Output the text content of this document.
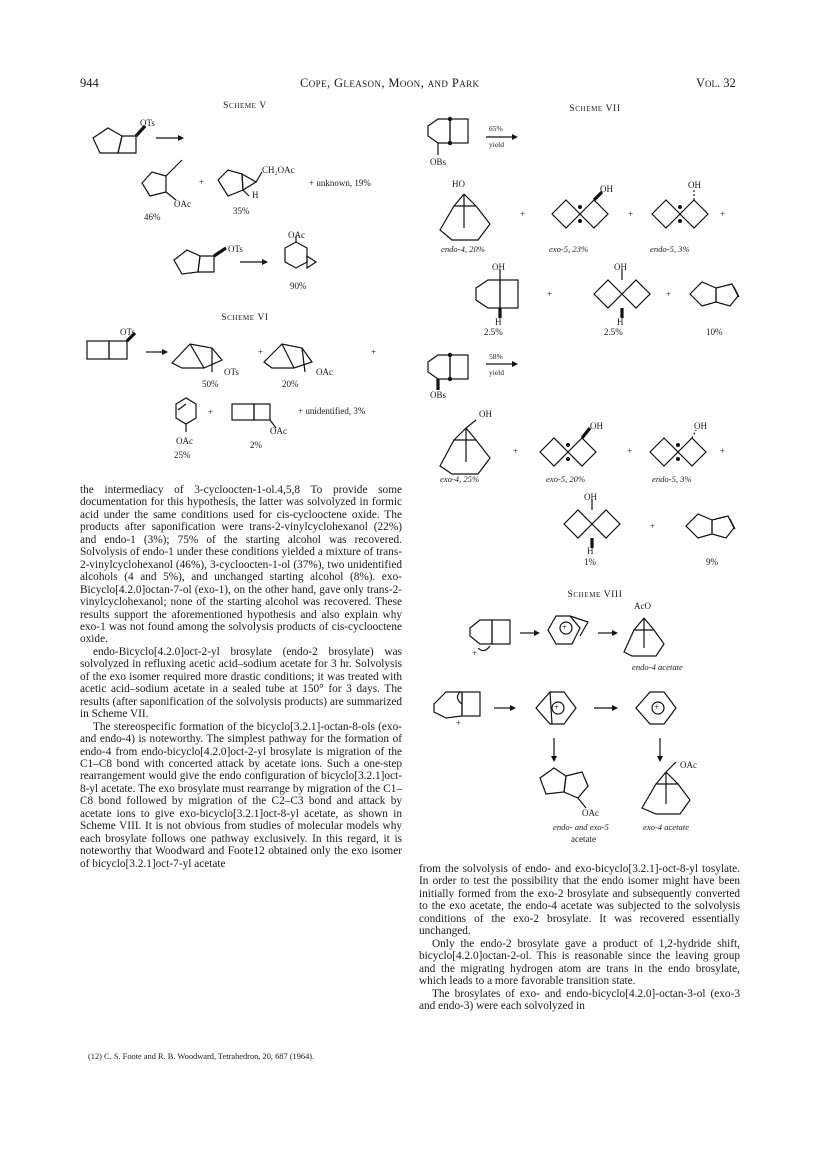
944	Cope, Gleason, Moon, and Park	Vol. 32
Scheme V
OTs
+
OAc
CH₂OAc
H
+ unknown, 19%
46%
35%
OTs
OAc
90%
Scheme VI
OTs
+	+
OTs	OAc
50%	20%
+	+ unidentified, 3%
OAc
OAc	2%
25%
Scheme VII
65%
yield
OBs
HO	OH	OH
+	+	+
endo-4, 20%	exo-5, 23%	endo-5, 3%
OH	OH
+	+
H	H
2.5%	2.5%	10%
58%
yield
OBs
OH
OH	OH
+	+	+
exo-4, 25%	exo-5, 20%	endo-5, 3%
OH
+
H
1%	9%
Scheme VIII
AcO
+
+
endo-4 acetate
+
+	+
OAc
OAc
endo- and exo-5
acetate
exo-4 acetate

the intermediacy of 3-cycloocten-1-ol.4,5,8 To provide some documentation for this hypothesis, the latter was solvolyzed in formic acid under the same conditions used for cis-cyclooctene oxide. The products after saponification were trans-2-vinylcyclohexanol (22%) and endo-1 (3%); 75% of the starting alcohol was recovered. Solvolysis of endo-1 under these conditions yielded a mixture of trans-2-vinylcyclohexanol (46%), 3-cycloocten-1-ol (37%), two unidentified alcohols (4 and 5%), and unchanged starting alcohol (8%). exo-Bicyclo[4.2.0]octan-7-ol (exo-1), on the other hand, gave only trans-2-vinylcyclohexanol; none of the starting alcohol was recovered. These results support the aforementioned hypothesis and also explain why exo-1 was not found among the solvolysis products of cis-cyclooctene oxide.

endo-Bicyclo[4.2.0]oct-2-yl brosylate (endo-2 brosylate) was solvolyzed in refluxing acetic acid–sodium acetate for 3 hr. Solvolysis of the exo isomer required more drastic conditions; it was treated with acetic acid–sodium acetate in a sealed tube at 150° for 3 days. The results (after saponification of the solvolysis products) are summarized in Scheme VII.

The stereospecific formation of the bicyclo[3.2.1]-octan-8-ols (exo- and endo-4) is noteworthy. The simplest pathway for the formation of endo-4 from endo-bicyclo[4.2.0]oct-2-yl brosylate is migration of the C1–C8 bond with concerted attack by acetate ions. Such a one-step rearrangement would give the endo configuration of bicyclo[3.2.1]oct-8-yl acetate. The exo brosylate must rearrange by migration of the C1–C8 bond followed by migration of the C2–C3 bond and attack by acetate ions to give exo-bicyclo[3.2.1]oct-8-yl acetate, as shown in Scheme VIII. It is not obvious from studies of molecular models why each brosylate follows one pathway exclusively. In this regard, it is noteworthy that Woodward and Foote12 obtained only the exo isomer of bicyclo[3.2.1]oct-7-yl acetate

(12) C. S. Foote and R. B. Woodward, Tetrahedron, 20, 687 (1964).

from the solvolysis of endo- and exo-bicyclo[3.2.1]-oct-8-yl tosylate. In order to test the possibility that the endo isomer might have been initially formed from the exo-2 brosylate and subsequently converted to the exo acetate, the endo-4 acetate was subjected to the solvolysis conditions of the exo-2 brosylate. It was recovered essentially unchanged.

Only the endo-2 brosylate gave a product of 1,2-hydride shift, bicyclo[4.2.0]octan-2-ol. This is reasonable since the leaving group and the migrating hydrogen atom are trans in the endo brosylate, which leads to a more favorable transition state.

The brosylates of exo- and endo-bicyclo[4.2.0]-octan-3-ol (exo-3 and endo-3) were each solvolyzed in
